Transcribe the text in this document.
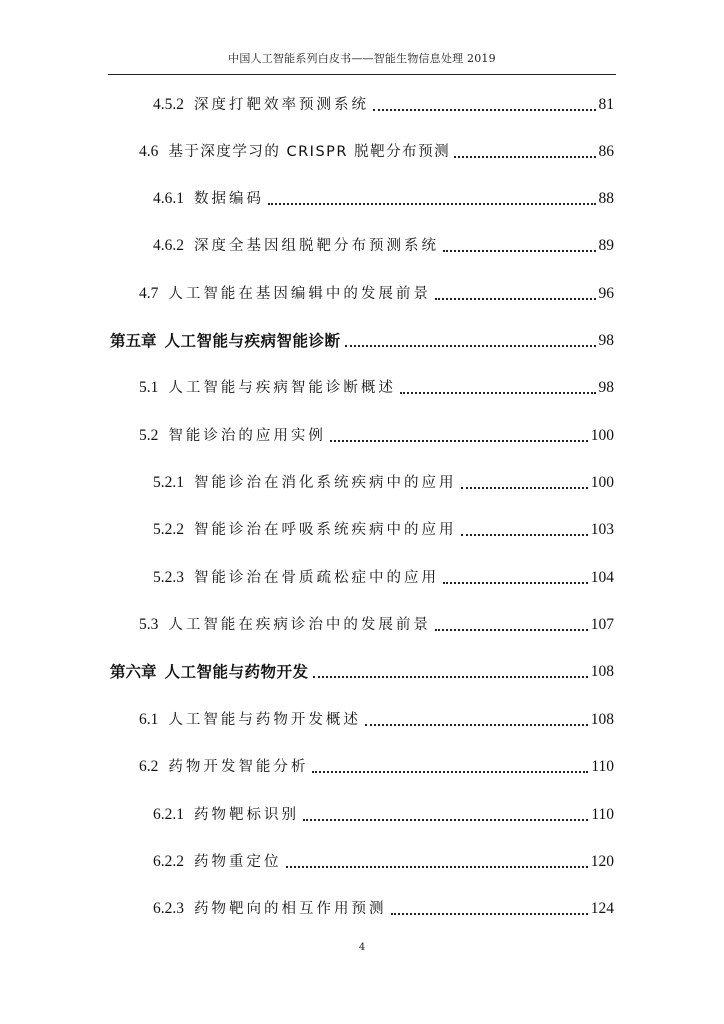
中国人工智能系列白皮书——智能生物信息处理 2019
4.5.2 深度打靶效率预测系统	81
4.6 基于深度学习的 CRISPR 脱靶分布预测	86
4.6.1 数据编码	88
4.6.2 深度全基因组脱靶分布预测系统	89
4.7 人工智能在基因编辑中的发展前景	96
第五章 人工智能与疾病智能诊断	98
5.1 人工智能与疾病智能诊断概述	98
5.2 智能诊治的应用实例	100
5.2.1 智能诊治在消化系统疾病中的应用	100
5.2.2 智能诊治在呼吸系统疾病中的应用	103
5.2.3 智能诊治在骨质疏松症中的应用	104
5.3 人工智能在疾病诊治中的发展前景	107
第六章 人工智能与药物开发	108
6.1 人工智能与药物开发概述	108
6.2 药物开发智能分析	110
6.2.1 药物靶标识别	110
6.2.2 药物重定位	120
6.2.3 药物靶向的相互作用预测	124
4
